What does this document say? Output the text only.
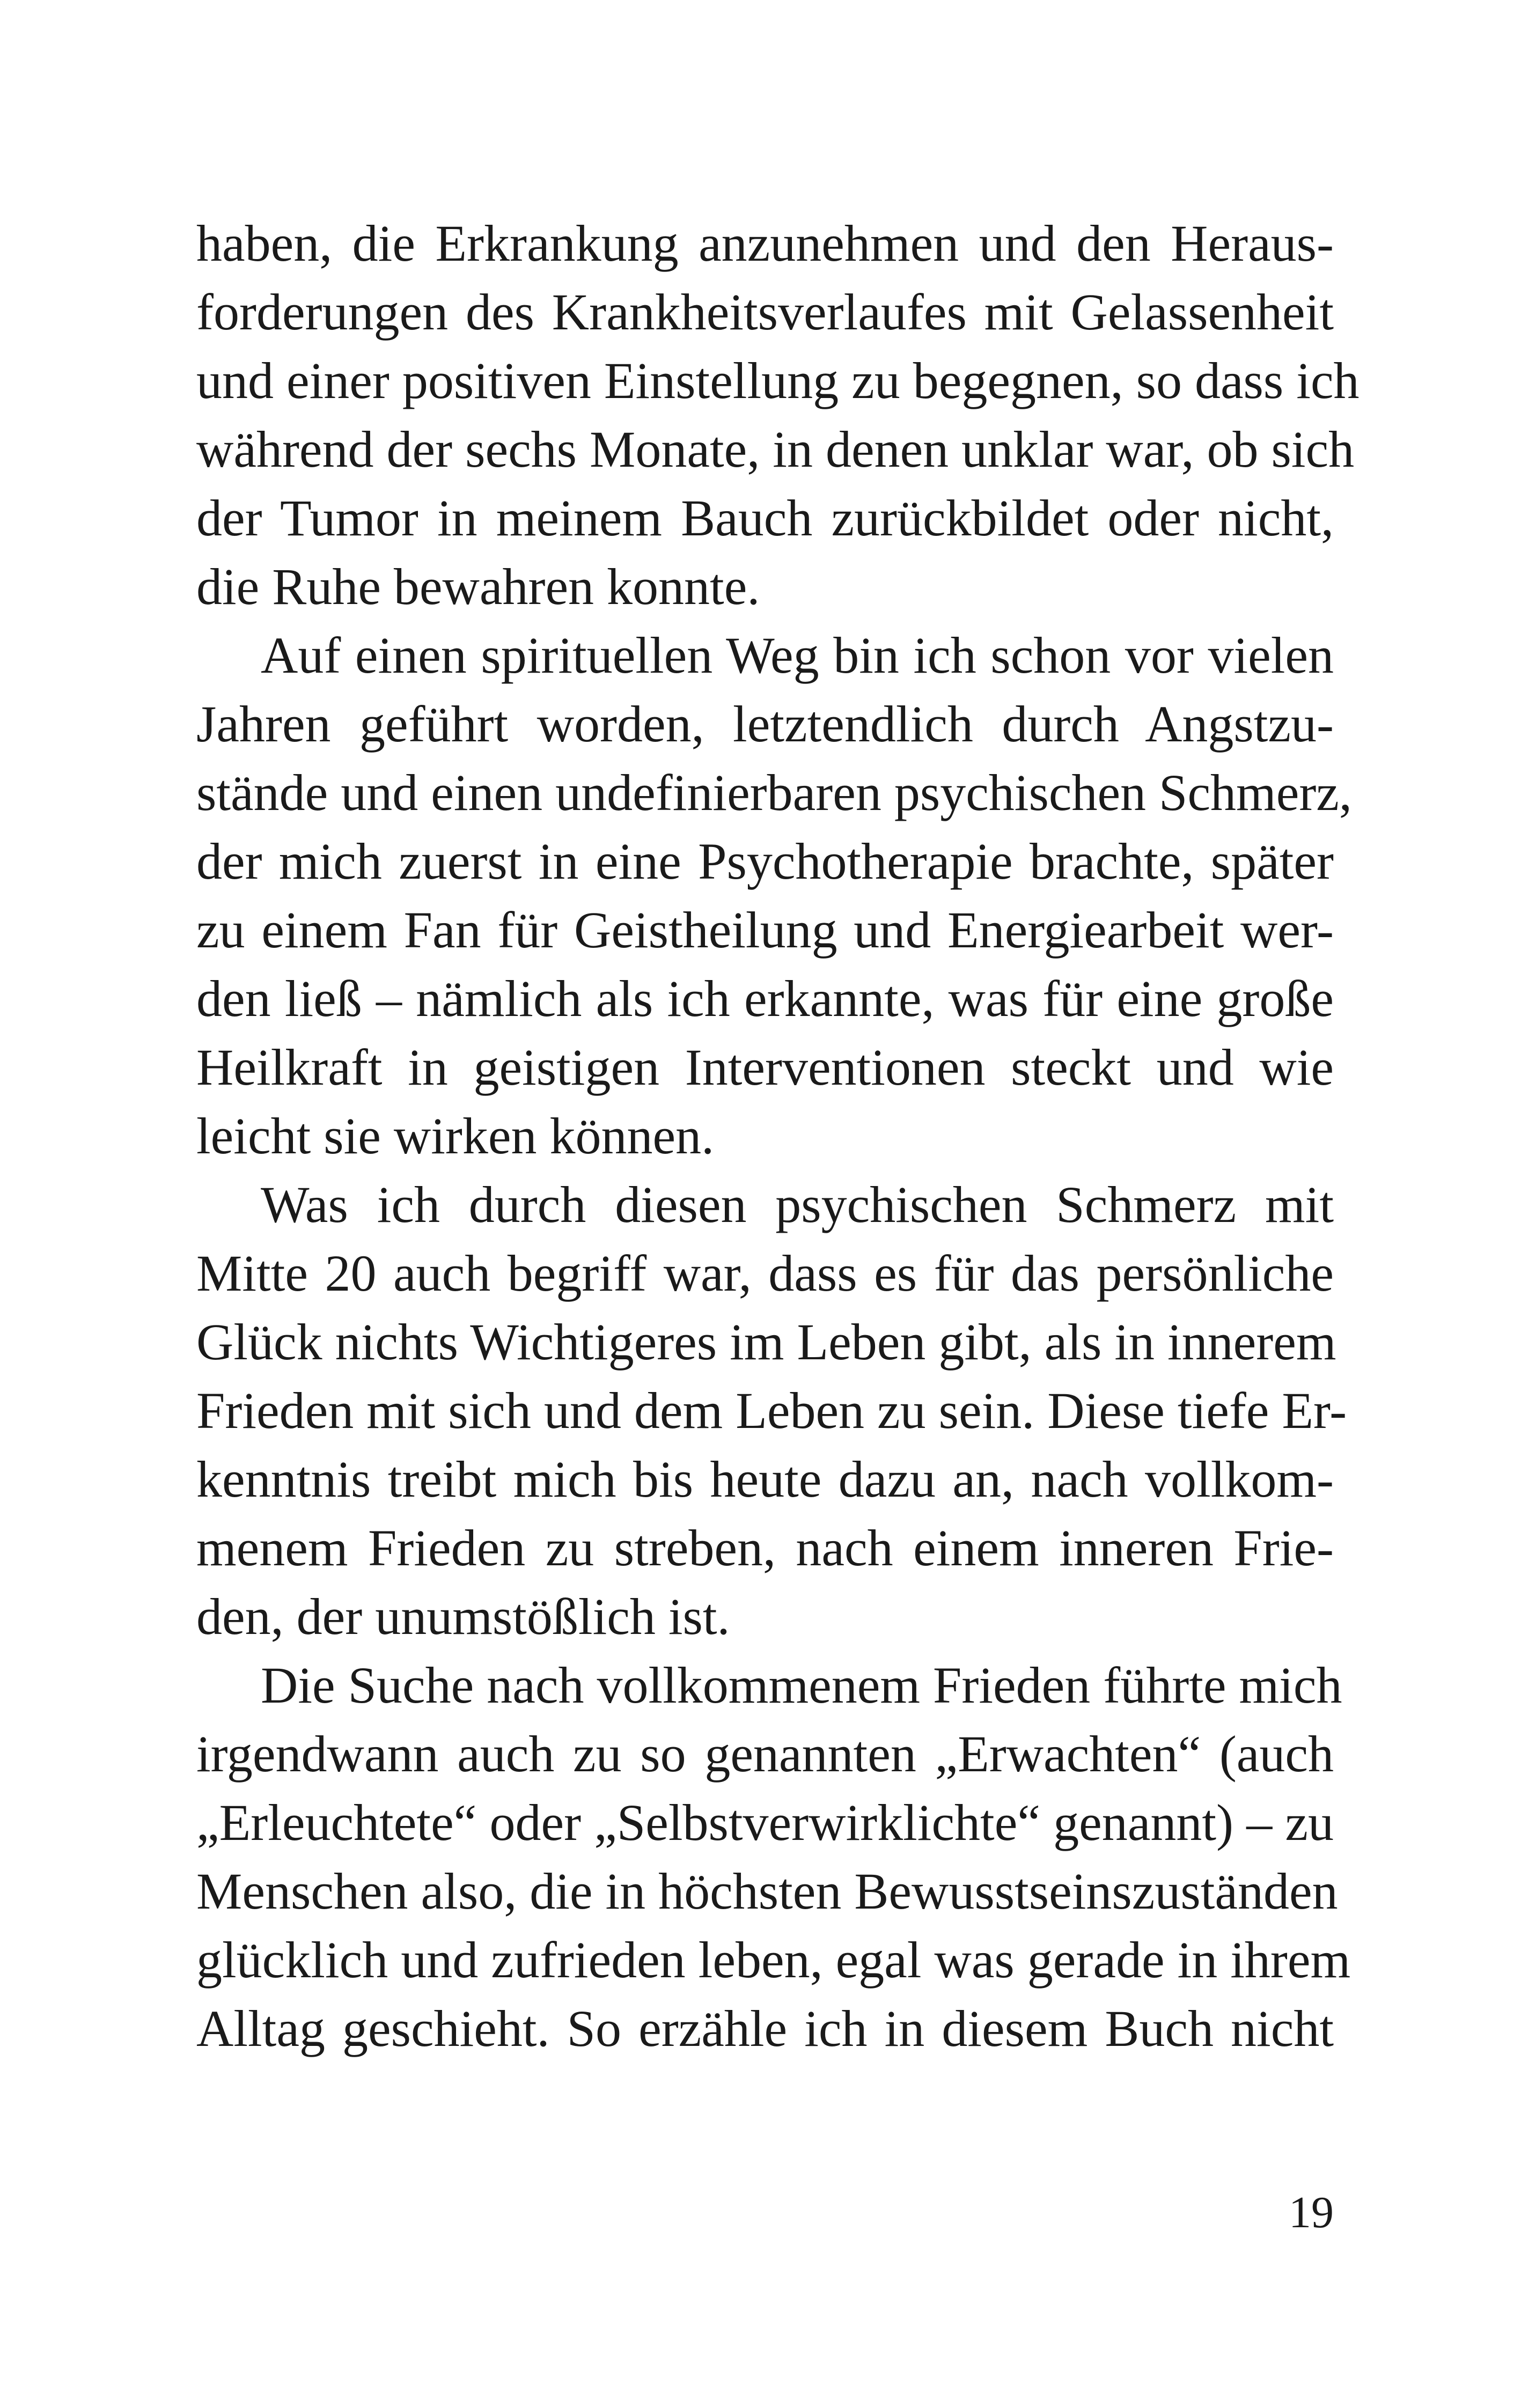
haben, die Erkrankung anzunehmen und den Heraus-
forderungen des Krankheitsverlaufes mit Gelassenheit
und einer positiven Einstellung zu begegnen, so dass ich
während der sechs Monate, in denen unklar war, ob sich
der Tumor in meinem Bauch zurückbildet oder nicht,
die Ruhe bewahren konnte.
Auf einen spirituellen Weg bin ich schon vor vielen
Jahren geführt worden, letztendlich durch Angstzu-
stände und einen undefinierbaren psychischen Schmerz,
der mich zuerst in eine Psychotherapie brachte, später
zu einem Fan für Geistheilung und Energiearbeit wer-
den ließ – nämlich als ich erkannte, was für eine große
Heilkraft in geistigen Interventionen steckt und wie
leicht sie wirken können.
Was ich durch diesen psychischen Schmerz mit
Mitte 20 auch begriff war, dass es für das persönliche
Glück nichts Wichtigeres im Leben gibt, als in innerem
Frieden mit sich und dem Leben zu sein. Diese tiefe Er-
kenntnis treibt mich bis heute dazu an, nach vollkom-
menem Frieden zu streben, nach einem inneren Frie-
den, der unumstößlich ist.
Die Suche nach vollkommenem Frieden führte mich
irgendwann auch zu so genannten „Erwachten“ (auch
„Erleuchtete“ oder „Selbstverwirklichte“ genannt) – zu
Menschen also, die in höchsten Bewusstseinszuständen
glücklich und zufrieden leben, egal was gerade in ihrem
Alltag geschieht. So erzähle ich in diesem Buch nicht
19
